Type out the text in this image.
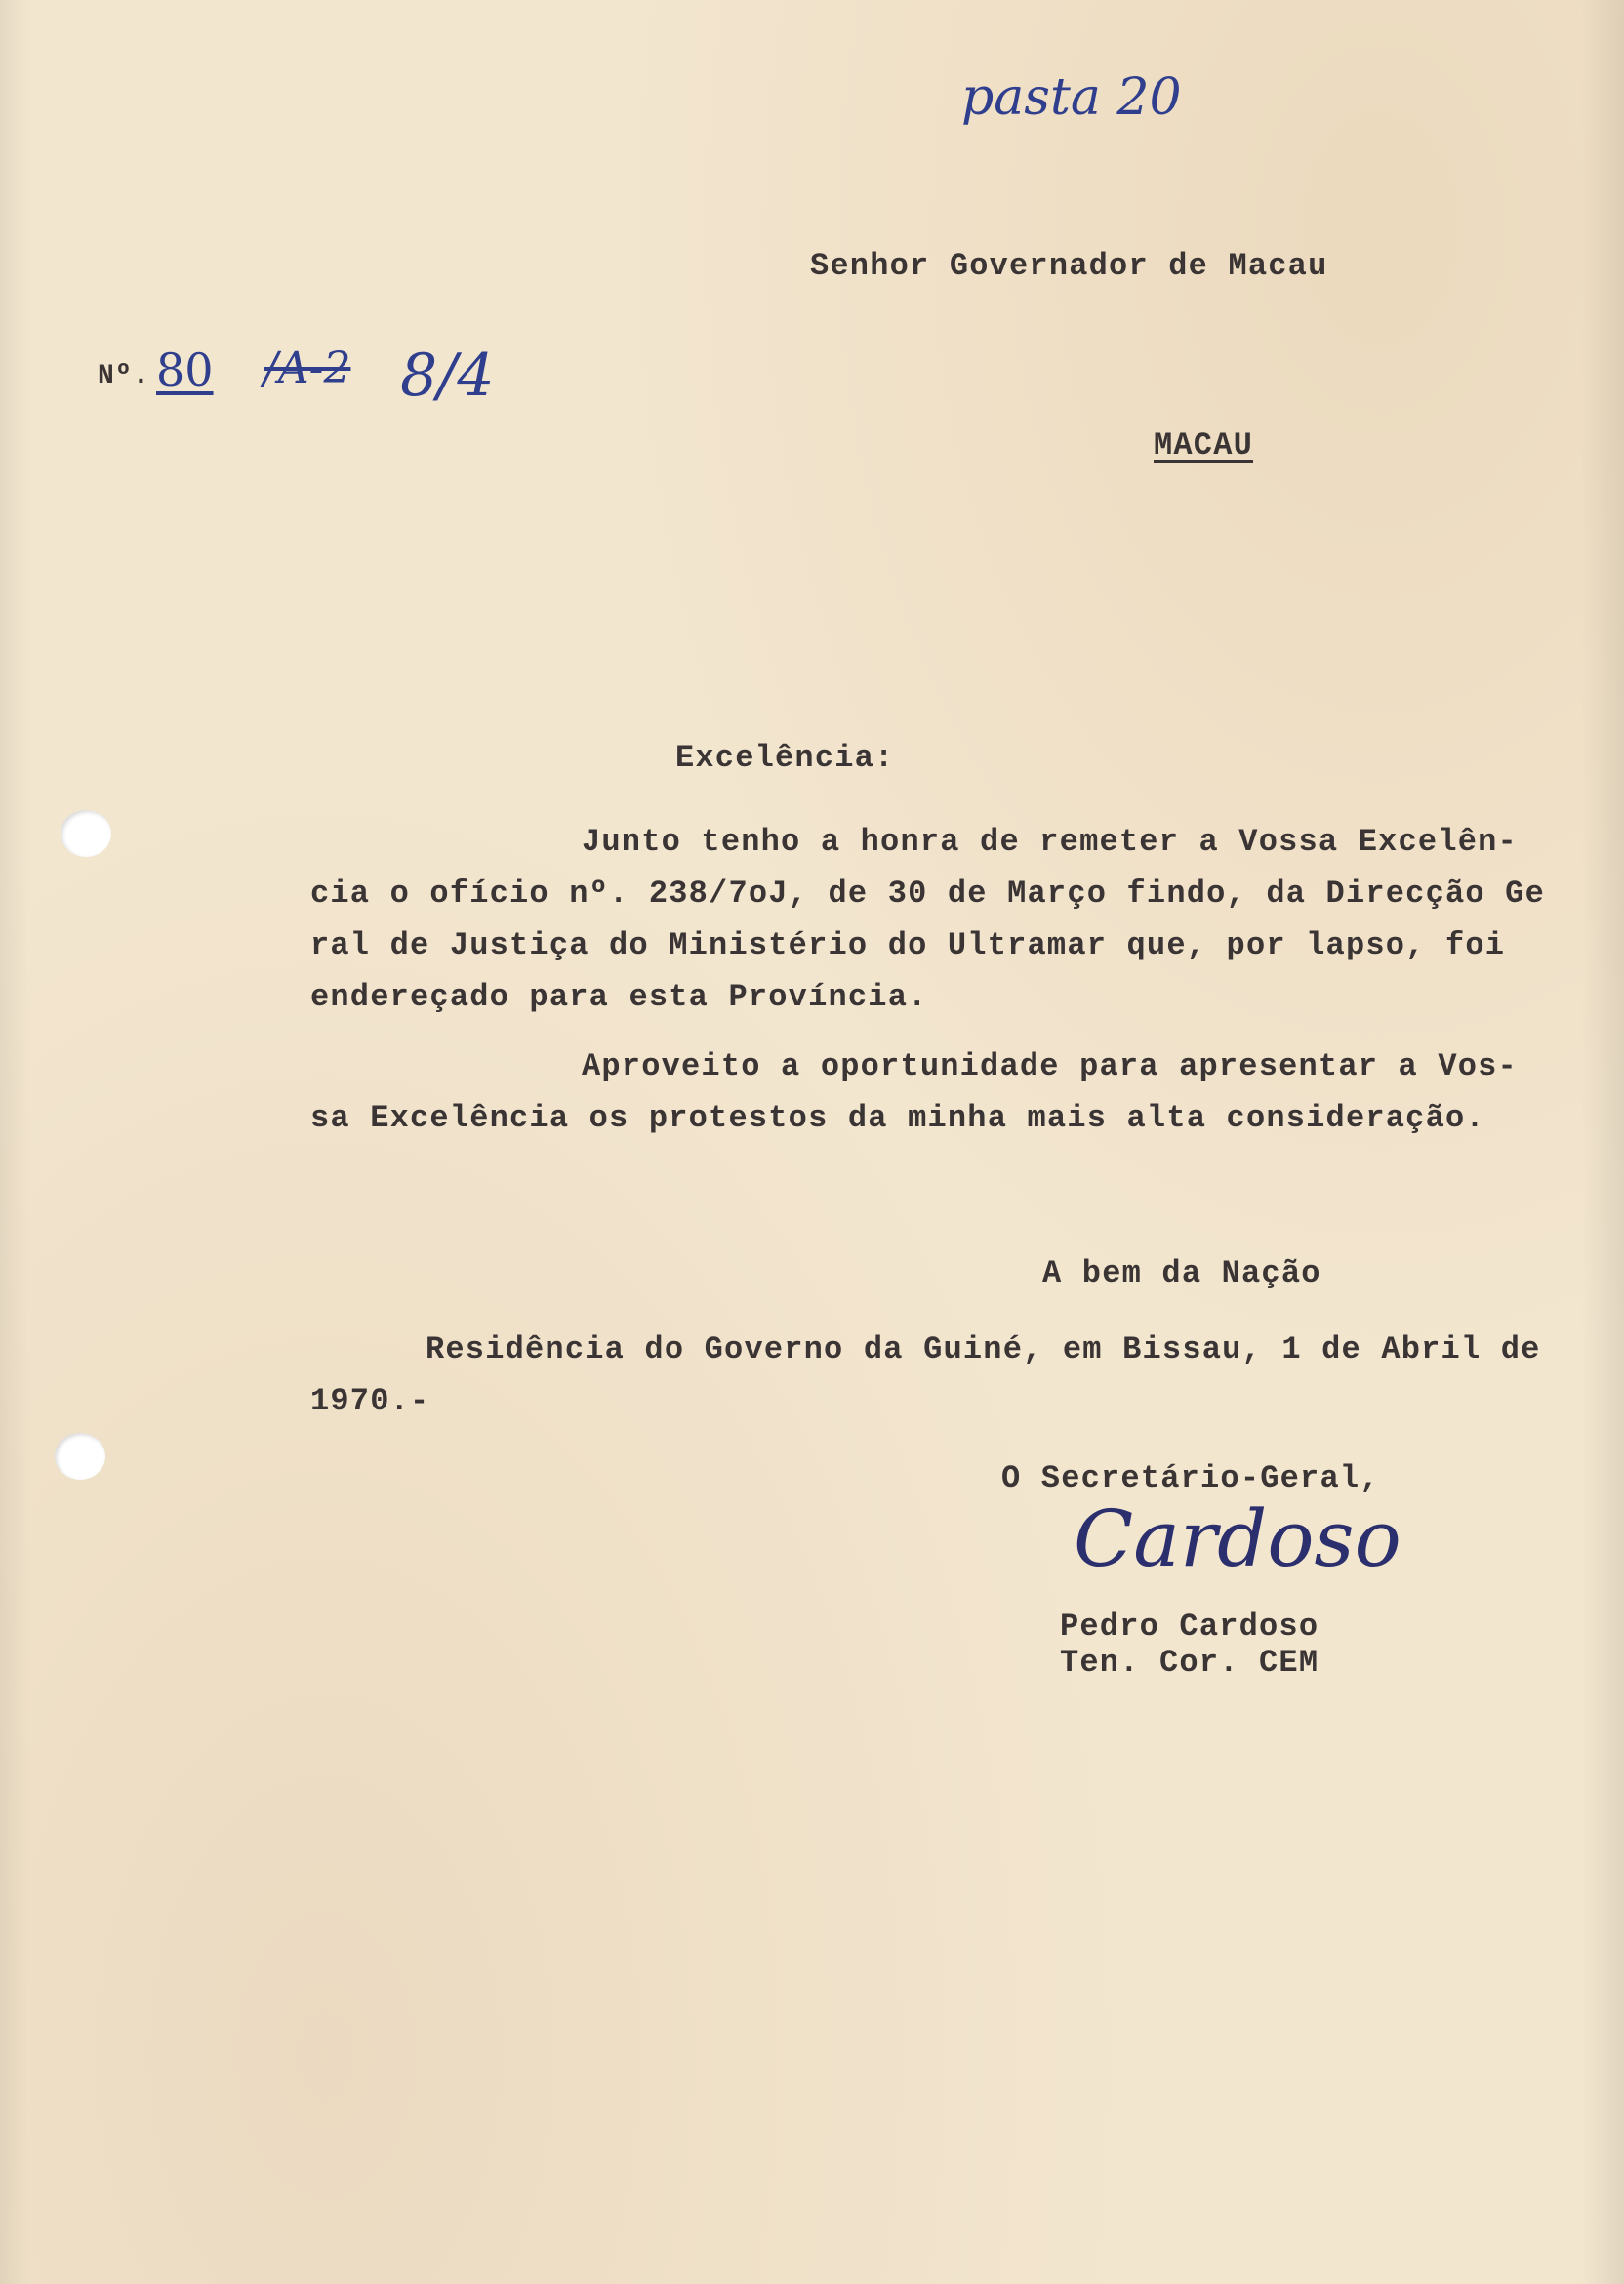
pasta 20
Senhor Governador de Macau
MACAU
Nº. 80 /A-2 8/4
Excelência:
Junto tenho a honra de remeter a Vossa Excelên-
cia o ofício nº. 238/7oJ, de 30 de Março findo, da Direcção Ge
ral de Justiça do Ministério do Ultramar que, por lapso, foi
endereçado para esta Província.
Aproveito a oportunidade para apresentar a Vos-
sa Excelência os protestos da minha mais alta consideração.
A bem da Nação
Residência do Governo da Guiné, em Bissau, 1 de Abril de
1970.-
O Secretário-Geral,
Cardoso
Pedro Cardoso
Ten. Cor. CEM
